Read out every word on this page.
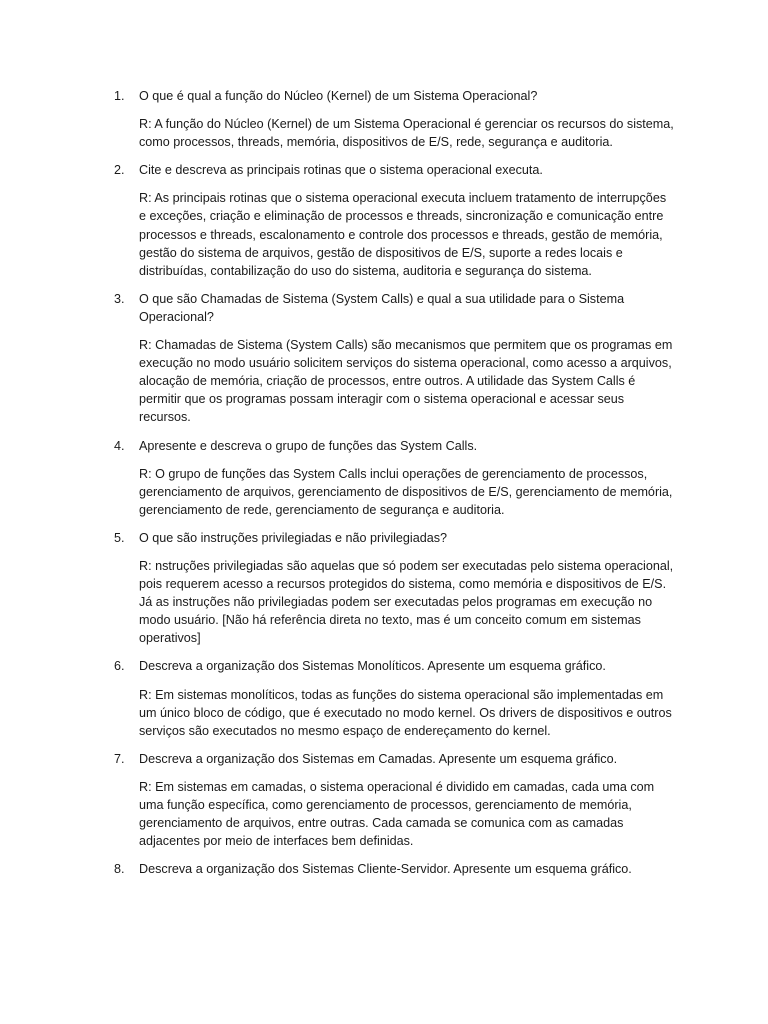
1. O que é qual a função do Núcleo (Kernel) de um Sistema Operacional?

R: A função do Núcleo (Kernel) de um Sistema Operacional é gerenciar os recursos do sistema, como processos, threads, memória, dispositivos de E/S, rede, segurança e auditoria.

2. Cite e descreva as principais rotinas que o sistema operacional executa.

R: As principais rotinas que o sistema operacional executa incluem tratamento de interrupções e exceções, criação e eliminação de processos e threads, sincronização e comunicação entre processos e threads, escalonamento e controle dos processos e threads, gestão de memória, gestão do sistema de arquivos, gestão de dispositivos de E/S, suporte a redes locais e distribuídas, contabilização do uso do sistema, auditoria e segurança do sistema.

3. O que são Chamadas de Sistema (System Calls) e qual a sua utilidade para o Sistema Operacional?

R: Chamadas de Sistema (System Calls) são mecanismos que permitem que os programas em execução no modo usuário solicitem serviços do sistema operacional, como acesso a arquivos, alocação de memória, criação de processos, entre outros. A utilidade das System Calls é permitir que os programas possam interagir com o sistema operacional e acessar seus recursos.

4. Apresente e descreva o grupo de funções das System Calls.

R: O grupo de funções das System Calls inclui operações de gerenciamento de processos, gerenciamento de arquivos, gerenciamento de dispositivos de E/S, gerenciamento de memória, gerenciamento de rede, gerenciamento de segurança e auditoria.

5. O que são instruções privilegiadas e não privilegiadas?

R: nstruções privilegiadas são aquelas que só podem ser executadas pelo sistema operacional, pois requerem acesso a recursos protegidos do sistema, como memória e dispositivos de E/S. Já as instruções não privilegiadas podem ser executadas pelos programas em execução no modo usuário. [Não há referência direta no texto, mas é um conceito comum em sistemas operativos]

6. Descreva a organização dos Sistemas Monolíticos. Apresente um esquema gráfico.

R: Em sistemas monolíticos, todas as funções do sistema operacional são implementadas em um único bloco de código, que é executado no modo kernel. Os drivers de dispositivos e outros serviços são executados no mesmo espaço de endereçamento do kernel.

7. Descreva a organização dos Sistemas em Camadas. Apresente um esquema gráfico.

R: Em sistemas em camadas, o sistema operacional é dividido em camadas, cada uma com uma função específica, como gerenciamento de processos, gerenciamento de memória, gerenciamento de arquivos, entre outras. Cada camada se comunica com as camadas adjacentes por meio de interfaces bem definidas.

8. Descreva a organização dos Sistemas Cliente-Servidor. Apresente um esquema gráfico.
